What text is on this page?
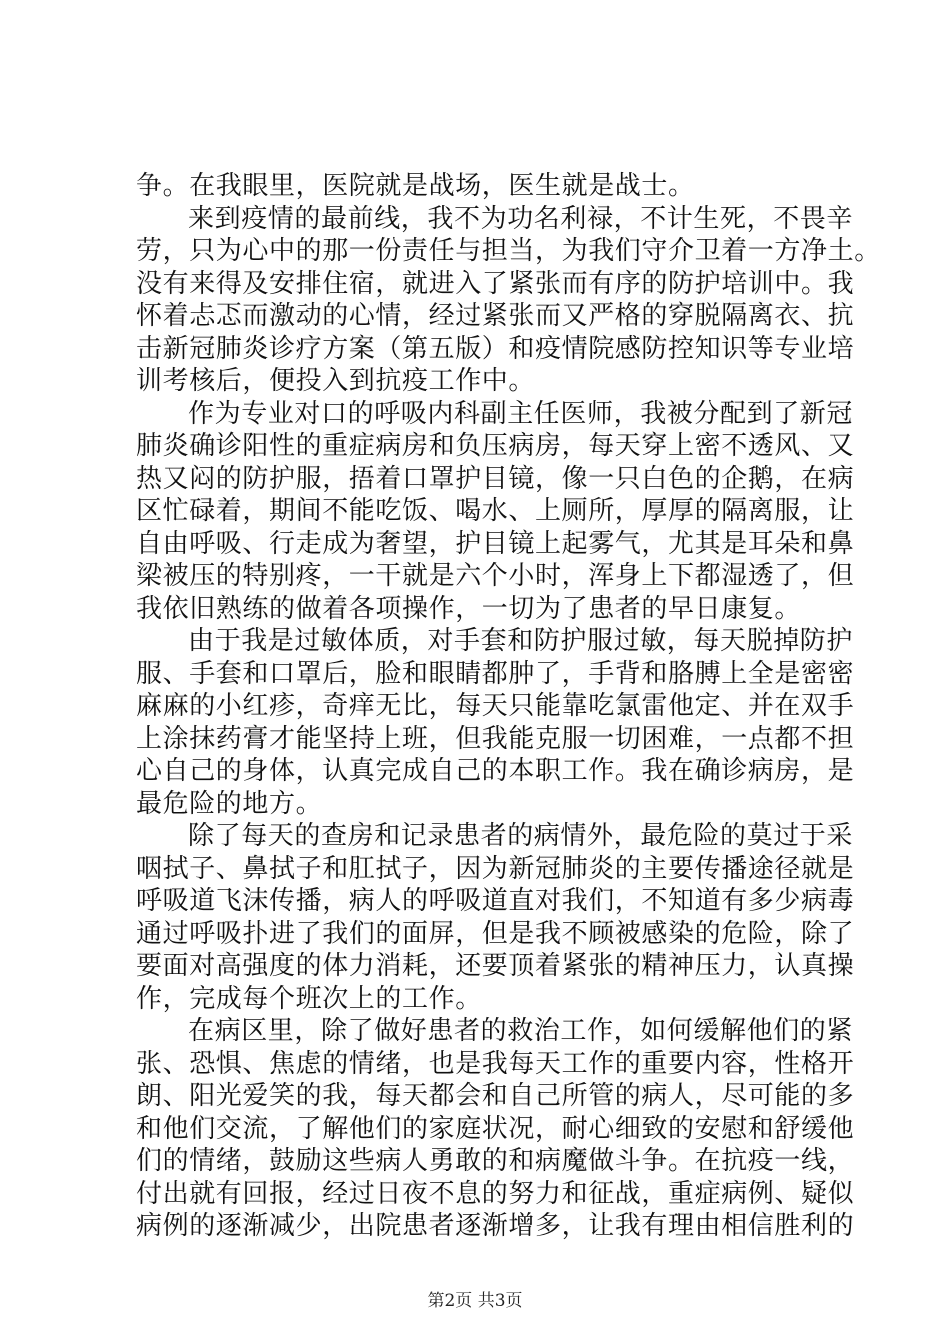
争。在我眼里，医院就是战场，医生就是战士。
来到疫情的最前线，我不为功名利禄，不计生死，不畏辛
劳，只为心中的那一份责任与担当，为我们守介卫着一方净土。
没有来得及安排住宿，就进入了紧张而有序的防护培训中。我
怀着忐忑而激动的心情，经过紧张而又严格的穿脱隔离衣、抗
击新冠肺炎诊疗方案（第五版）和疫情院感防控知识等专业培
训考核后，便投入到抗疫工作中。
作为专业对口的呼吸内科副主任医师，我被分配到了新冠
肺炎确诊阳性的重症病房和负压病房，每天穿上密不透风、又
热又闷的防护服，捂着口罩护目镜，像一只白色的企鹅，在病
区忙碌着，期间不能吃饭、喝水、上厕所，厚厚的隔离服，让
自由呼吸、行走成为奢望，护目镜上起雾气，尤其是耳朵和鼻
梁被压的特别疼，一干就是六个小时，浑身上下都湿透了，但
我依旧熟练的做着各项操作，一切为了患者的早日康复。
由于我是过敏体质，对手套和防护服过敏，每天脱掉防护
服、手套和口罩后，脸和眼睛都肿了，手背和胳膊上全是密密
麻麻的小红疹，奇痒无比，每天只能靠吃氯雷他定、并在双手
上涂抹药膏才能坚持上班，但我能克服一切困难，一点都不担
心自己的身体，认真完成自己的本职工作。我在确诊病房，是
最危险的地方。
除了每天的查房和记录患者的病情外，最危险的莫过于采
咽拭子、鼻拭子和肛拭子，因为新冠肺炎的主要传播途径就是
呼吸道飞沫传播，病人的呼吸道直对我们，不知道有多少病毒
通过呼吸扑进了我们的面屏，但是我不顾被感染的危险，除了
要面对高强度的体力消耗，还要顶着紧张的精神压力，认真操
作，完成每个班次上的工作。
在病区里，除了做好患者的救治工作，如何缓解他们的紧
张、恐惧、焦虑的情绪，也是我每天工作的重要内容，性格开
朗、阳光爱笑的我，每天都会和自己所管的病人，尽可能的多
和他们交流，了解他们的家庭状况，耐心细致的安慰和舒缓他
们的情绪，鼓励这些病人勇敢的和病魔做斗争。在抗疫一线，
付出就有回报，经过日夜不息的努力和征战，重症病例、疑似
病例的逐渐减少，出院患者逐渐增多，让我有理由相信胜利的
第2页 共3页
